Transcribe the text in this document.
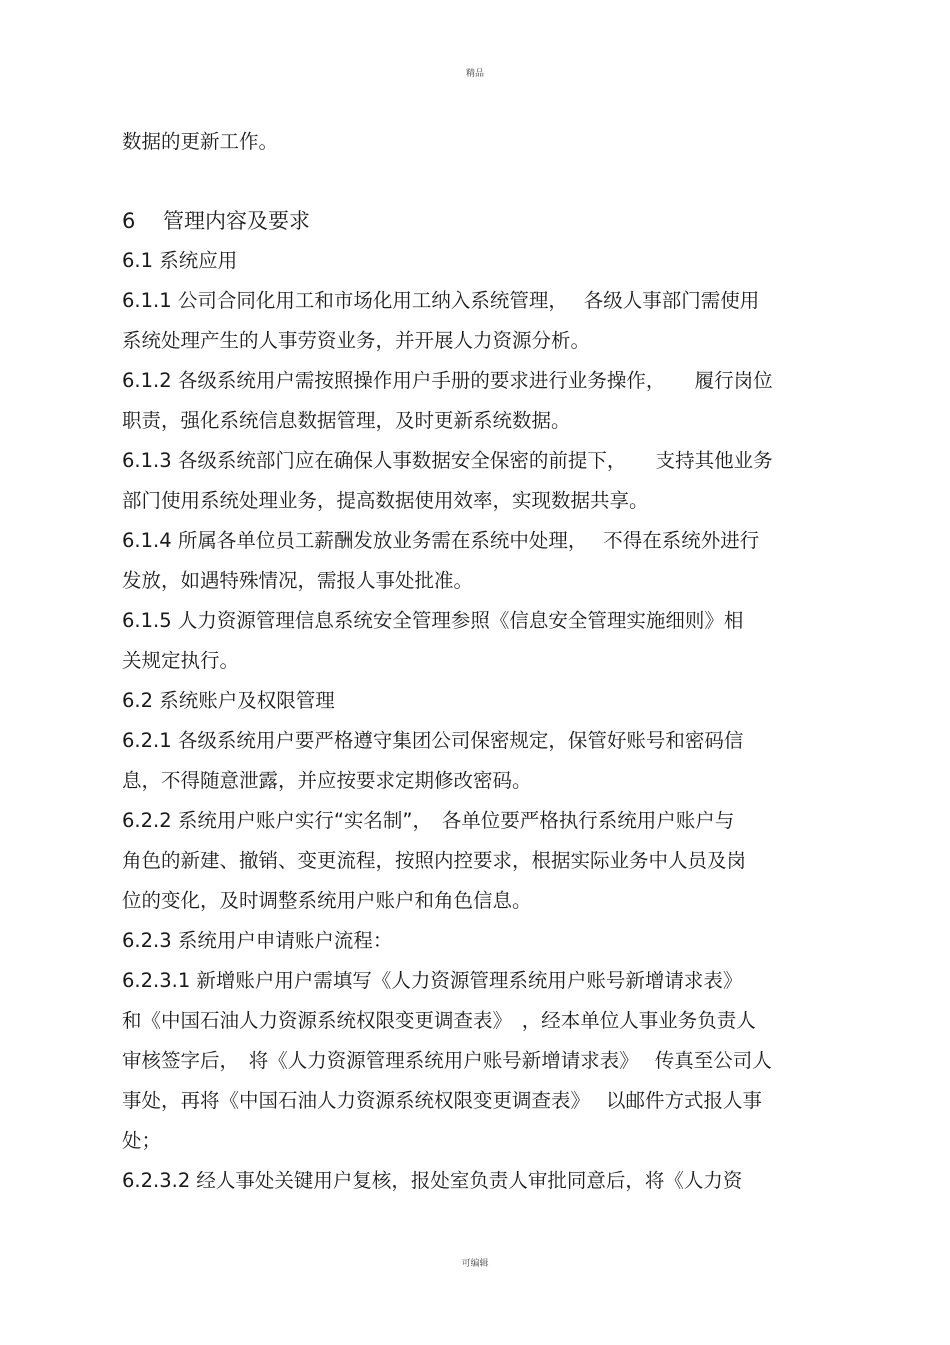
精品
数据的更新工作。
6　 管理内容及要求
6.1 系统应用
6.1.1 公司合同化用工和市场化用工纳入系统管理，　 各级人事部门需使用
系统处理产生的人事劳资业务，并开展人力资源分析。
6.1.2 各级系统用户需按照操作用户手册的要求进行业务操作，　　履行岗位
职责，强化系统信息数据管理，及时更新系统数据。
6.1.3 各级系统部门应在确保人事数据安全保密的前提下，　　支持其他业务
部门使用系统处理业务，提高数据使用效率，实现数据共享。
6.1.4 所属各单位员工薪酬发放业务需在系统中处理，　 不得在系统外进行
发放，如遇特殊情况，需报人事处批准。
6.1.5 人力资源管理信息系统安全管理参照《信息安全管理实施细则》相
关规定执行。
6.2 系统账户及权限管理
6.2.1 各级系统用户要严格遵守集团公司保密规定，保管好账号和密码信
息，不得随意泄露，并应按要求定期修改密码。
6.2.2 系统用户账户实行“实名制”，　各单位要严格执行系统用户账户与
角色的新建、撤销、变更流程，按照内控要求，根据实际业务中人员及岗
位的变化，及时调整系统用户账户和角色信息。
6.2.3 系统用户申请账户流程：
6.2.3.1 新增账户用户需填写《人力资源管理系统用户账号新增请求表》
和《中国石油人力资源系统权限变更调查表》　，经本单位人事业务负责人
审核签字后，　将《人力资源管理系统用户账号新增请求表》　 传真至公司人
事处，再将《中国石油人力资源系统权限变更调查表》　 以邮件方式报人事
处；
6.2.3.2 经人事处关键用户复核，报处室负责人审批同意后，将《人力资
可编辑
